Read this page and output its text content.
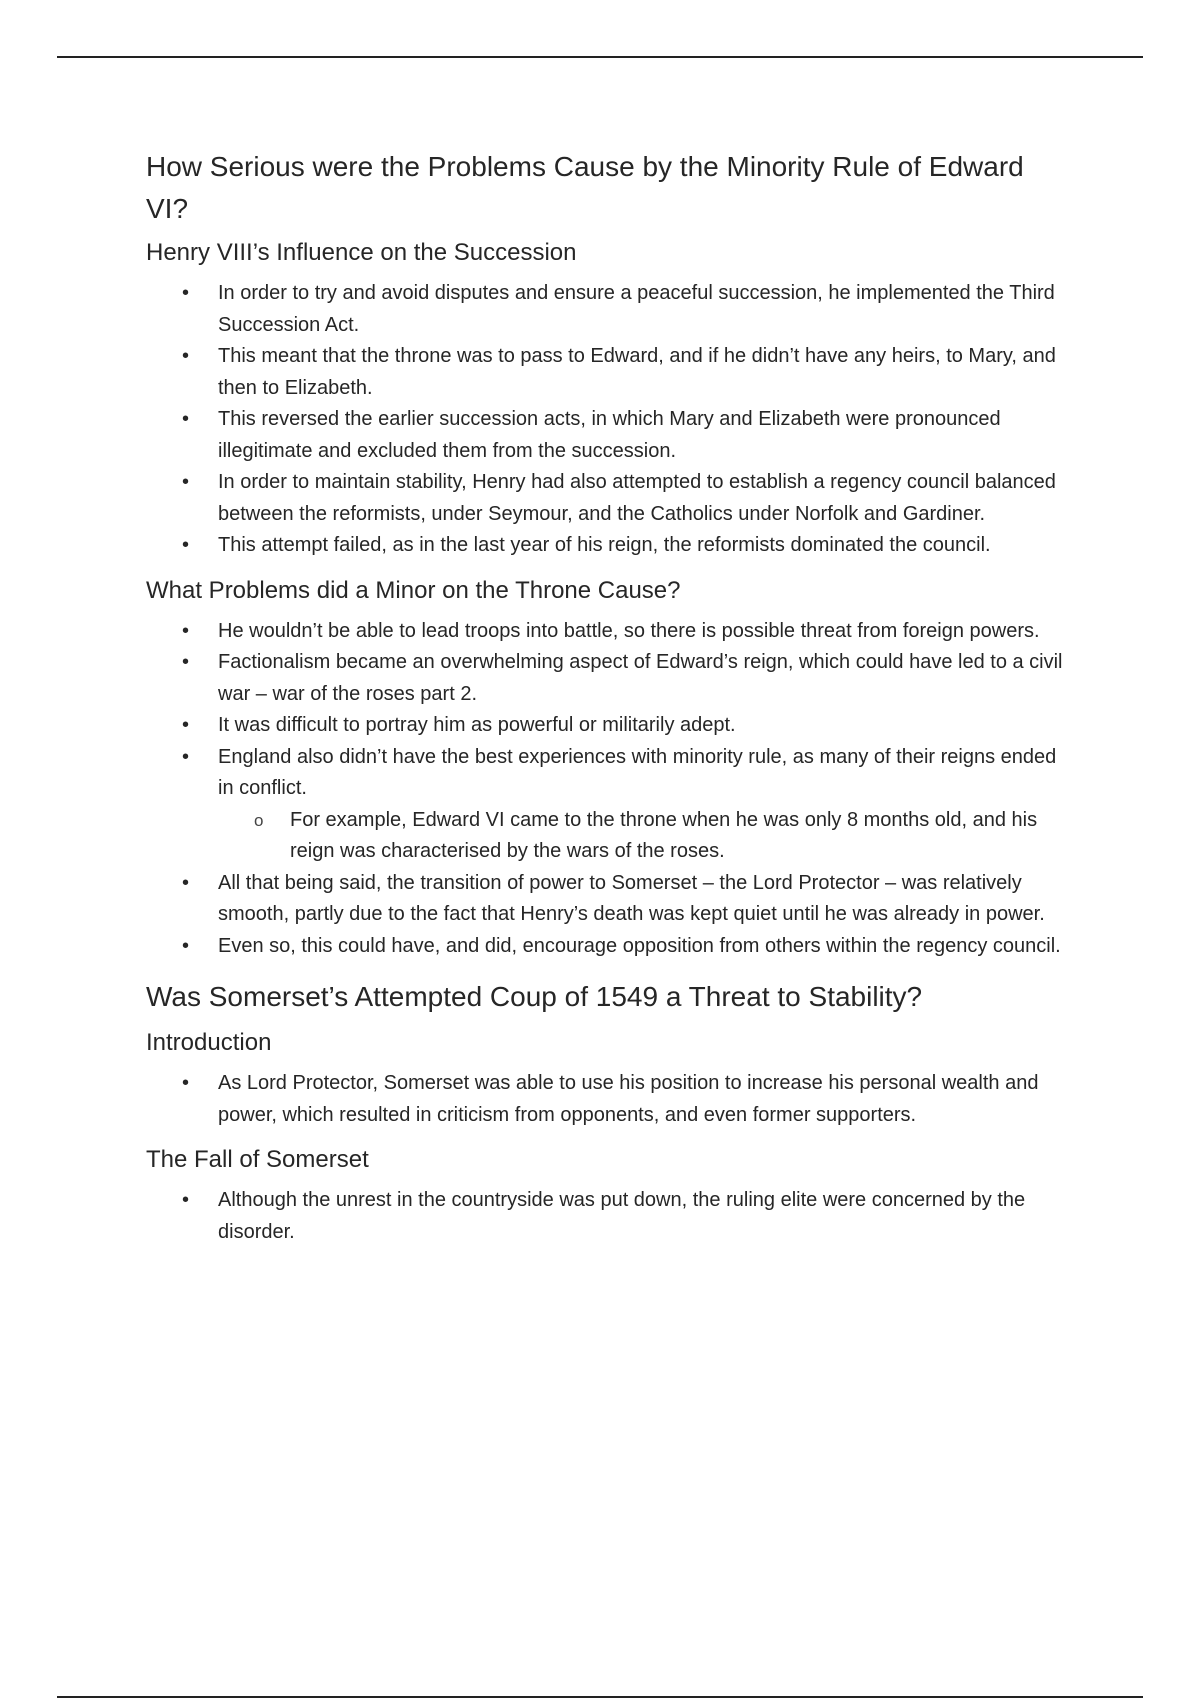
How Serious were the Problems Cause by the Minority Rule of Edward VI?
Henry VIII’s Influence on the Succession
• In order to try and avoid disputes and ensure a peaceful succession, he implemented the Third Succession Act.
• This meant that the throne was to pass to Edward, and if he didn’t have any heirs, to Mary, and then to Elizabeth.
• This reversed the earlier succession acts, in which Mary and Elizabeth were pronounced illegitimate and excluded them from the succession.
• In order to maintain stability, Henry had also attempted to establish a regency council balanced between the reformists, under Seymour, and the Catholics under Norfolk and Gardiner.
• This attempt failed, as in the last year of his reign, the reformists dominated the council.
What Problems did a Minor on the Throne Cause?
• He wouldn’t be able to lead troops into battle, so there is possible threat from foreign powers.
• Factionalism became an overwhelming aspect of Edward’s reign, which could have led to a civil war – war of the roses part 2.
• It was difficult to portray him as powerful or militarily adept.
• England also didn’t have the best experiences with minority rule, as many of their reigns ended in conflict.
o For example, Edward VI came to the throne when he was only 8 months old, and his reign was characterised by the wars of the roses.
• All that being said, the transition of power to Somerset – the Lord Protector – was relatively smooth, partly due to the fact that Henry’s death was kept quiet until he was already in power.
• Even so, this could have, and did, encourage opposition from others within the regency council.
Was Somerset’s Attempted Coup of 1549 a Threat to Stability?
Introduction
• As Lord Protector, Somerset was able to use his position to increase his personal wealth and power, which resulted in criticism from opponents, and even former supporters.
The Fall of Somerset
• Although the unrest in the countryside was put down, the ruling elite were concerned by the disorder.
